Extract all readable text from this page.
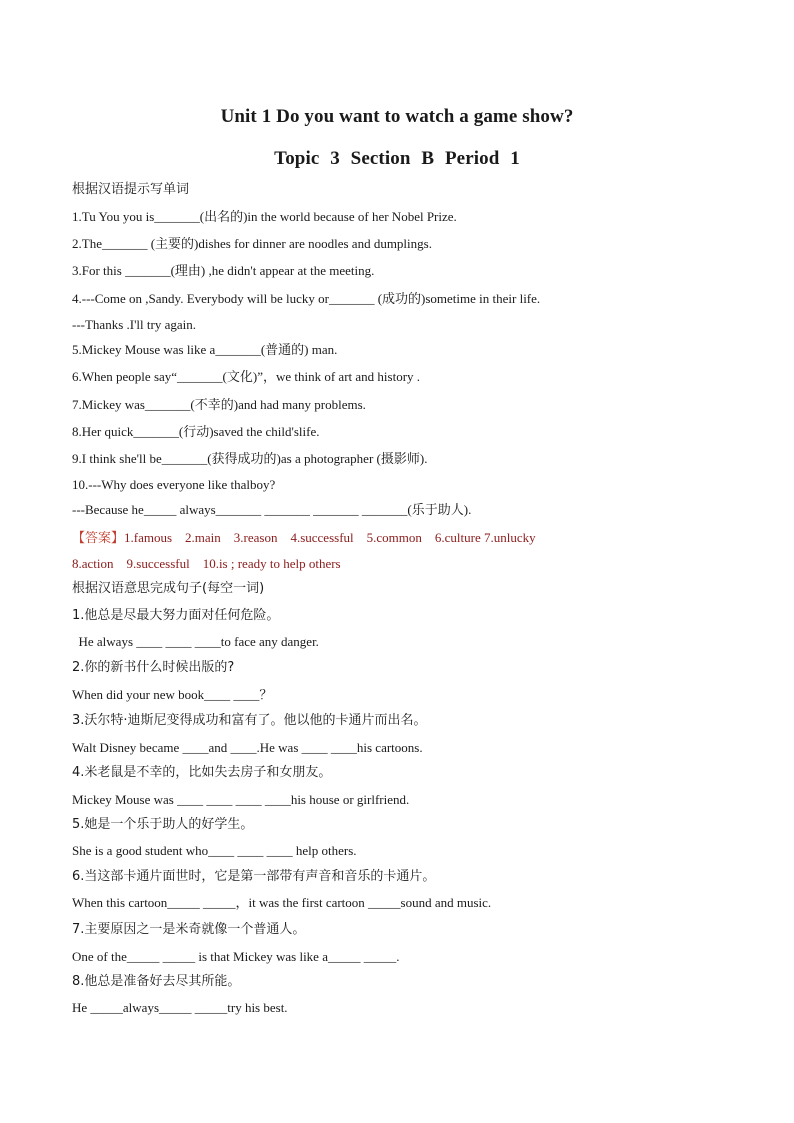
Unit 1 Do you want to watch a game show?
Topic 3 Section B Period 1
根据汉语提示写单词
1.Tu You you is_______(出名的)in the world because of her Nobel Prize.
2.The_______ (主要的)dishes for dinner are noodles and dumplings.
3.For this _______(理由) ,he didn't appear at the meeting.
4.---Come on ,Sandy. Everybody will be lucky or_______ (成功的)sometime in their life.
---Thanks .I'll try again.
5.Mickey Mouse was like a_______(普通的) man.
6.When people say“_______(文化)”，we think of art and history .
7.Mickey was_______(不幸的)and had many problems.
8.Her quick_______(行动)saved the child'slife.
9.I think she'll be_______(获得成功的)as a photographer (摄影师).
10.---Why does everyone like thalboy?
---Because he_____ always_______ _______ _______ _______(乐于助人).
【答案】1.famous    2.main    3.reason    4.successful    5.common    6.culture 7.unlucky
8.action    9.successful    10.is ; ready to help others
根据汉语意思完成句子(每空一词)
1.他总是尽最大努力面对任何危险。
He always ____ ____ ____to face any danger.
2.你的新书什么时候出版的?
When did your new book____ ____？
3.沃尔特·迪斯尼变得成功和富有了。他以他的卡通片而出名。
Walt Disney became ____and ____.He was ____ ____his cartoons.
4.米老鼠是不幸的，比如失去房子和女朋友。
Mickey Mouse was ____ ____ ____ ____his house or girlfriend.
5.她是一个乐于助人的好学生。
She is a good student who____ ____ ____ help others.
6.当这部卡通片面世时，它是第一部带有声音和音乐的卡通片。
When this cartoon_____ _____，it was the first cartoon _____sound and music.
7.主要原因之一是米奇就像一个普通人。
One of the_____ _____ is that Mickey was like a_____ _____.
8.他总是准备好去尽其所能。
He _____always_____ _____try his best.
